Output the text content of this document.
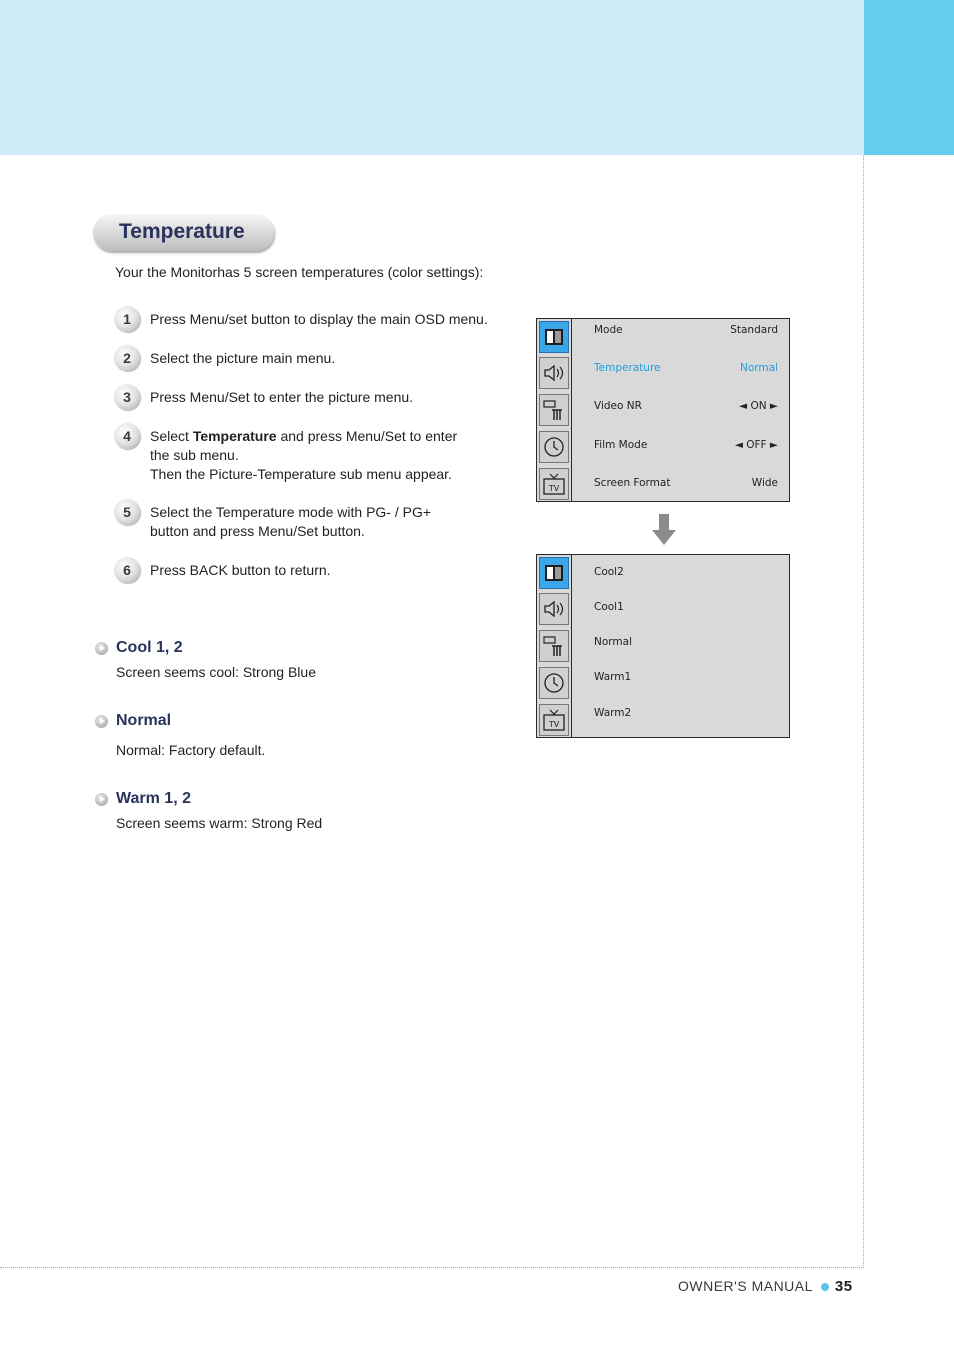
Temperature
Your the Monitorhas 5 screen temperatures (color settings):
1	Press Menu/set button to display the main OSD menu.
2	Select the picture main menu.
3	Press Menu/Set to enter the picture menu.
4	Select Temperature and press Menu/Set to enter
the sub menu.
Then the Picture-Temperature sub menu appear.
5	Select the Temperature mode with PG- / PG+
button and press Menu/Set button.
6	Press BACK button to return.
Cool 1, 2
Screen seems cool: Strong Blue
Normal
Normal: Factory default.
Warm 1, 2
Screen seems warm: Strong Red
TV
Mode	Standard
Temperature	Normal
Video NR	◄ ON ►
Film Mode	◄ OFF ►
Screen Format	Wide
TV
Cool2
Cool1
Normal
Warm1
Warm2
OWNER'S MANUAL 35
